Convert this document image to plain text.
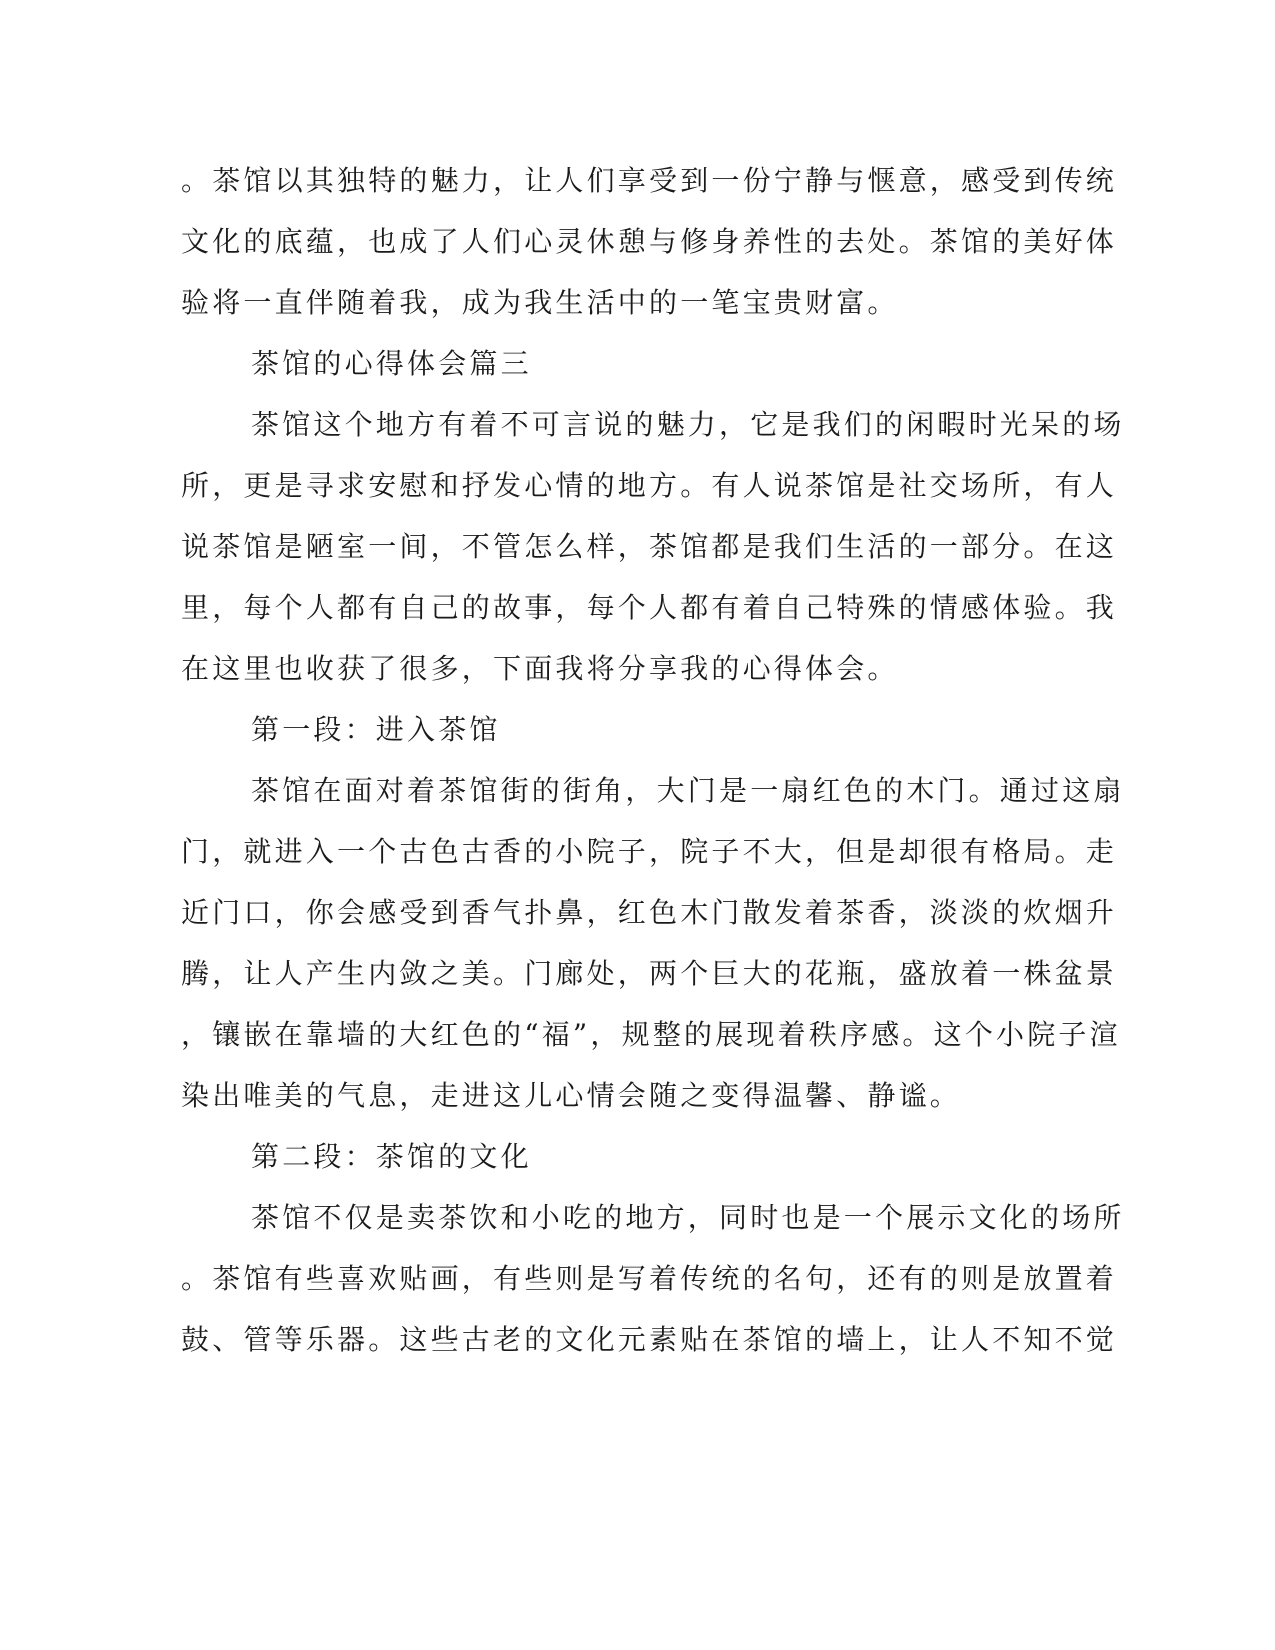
。茶馆以其独特的魅力，让人们享受到一份宁静与惬意，感受到传统
文化的底蕴，也成了人们心灵休憩与修身养性的去处。茶馆的美好体
验将一直伴随着我，成为我生活中的一笔宝贵财富。
茶馆的心得体会篇三
茶馆这个地方有着不可言说的魅力，它是我们的闲暇时光呆的场
所，更是寻求安慰和抒发心情的地方。有人说茶馆是社交场所，有人
说茶馆是陋室一间，不管怎么样，茶馆都是我们生活的一部分。在这
里，每个人都有自己的故事，每个人都有着自己特殊的情感体验。我
在这里也收获了很多，下面我将分享我的心得体会。
第一段：进入茶馆
茶馆在面对着茶馆街的街角，大门是一扇红色的木门。通过这扇
门，就进入一个古色古香的小院子，院子不大，但是却很有格局。走
近门口，你会感受到香气扑鼻，红色木门散发着茶香，淡淡的炊烟升
腾，让人产生内敛之美。门廊处，两个巨大的花瓶，盛放着一株盆景
，镶嵌在靠墙的大红色的“福”，规整的展现着秩序感。这个小院子渲
染出唯美的气息，走进这儿心情会随之变得温馨、静谧。
第二段：茶馆的文化
茶馆不仅是卖茶饮和小吃的地方，同时也是一个展示文化的场所
。茶馆有些喜欢贴画，有些则是写着传统的名句，还有的则是放置着
鼓、管等乐器。这些古老的文化元素贴在茶馆的墙上，让人不知不觉
